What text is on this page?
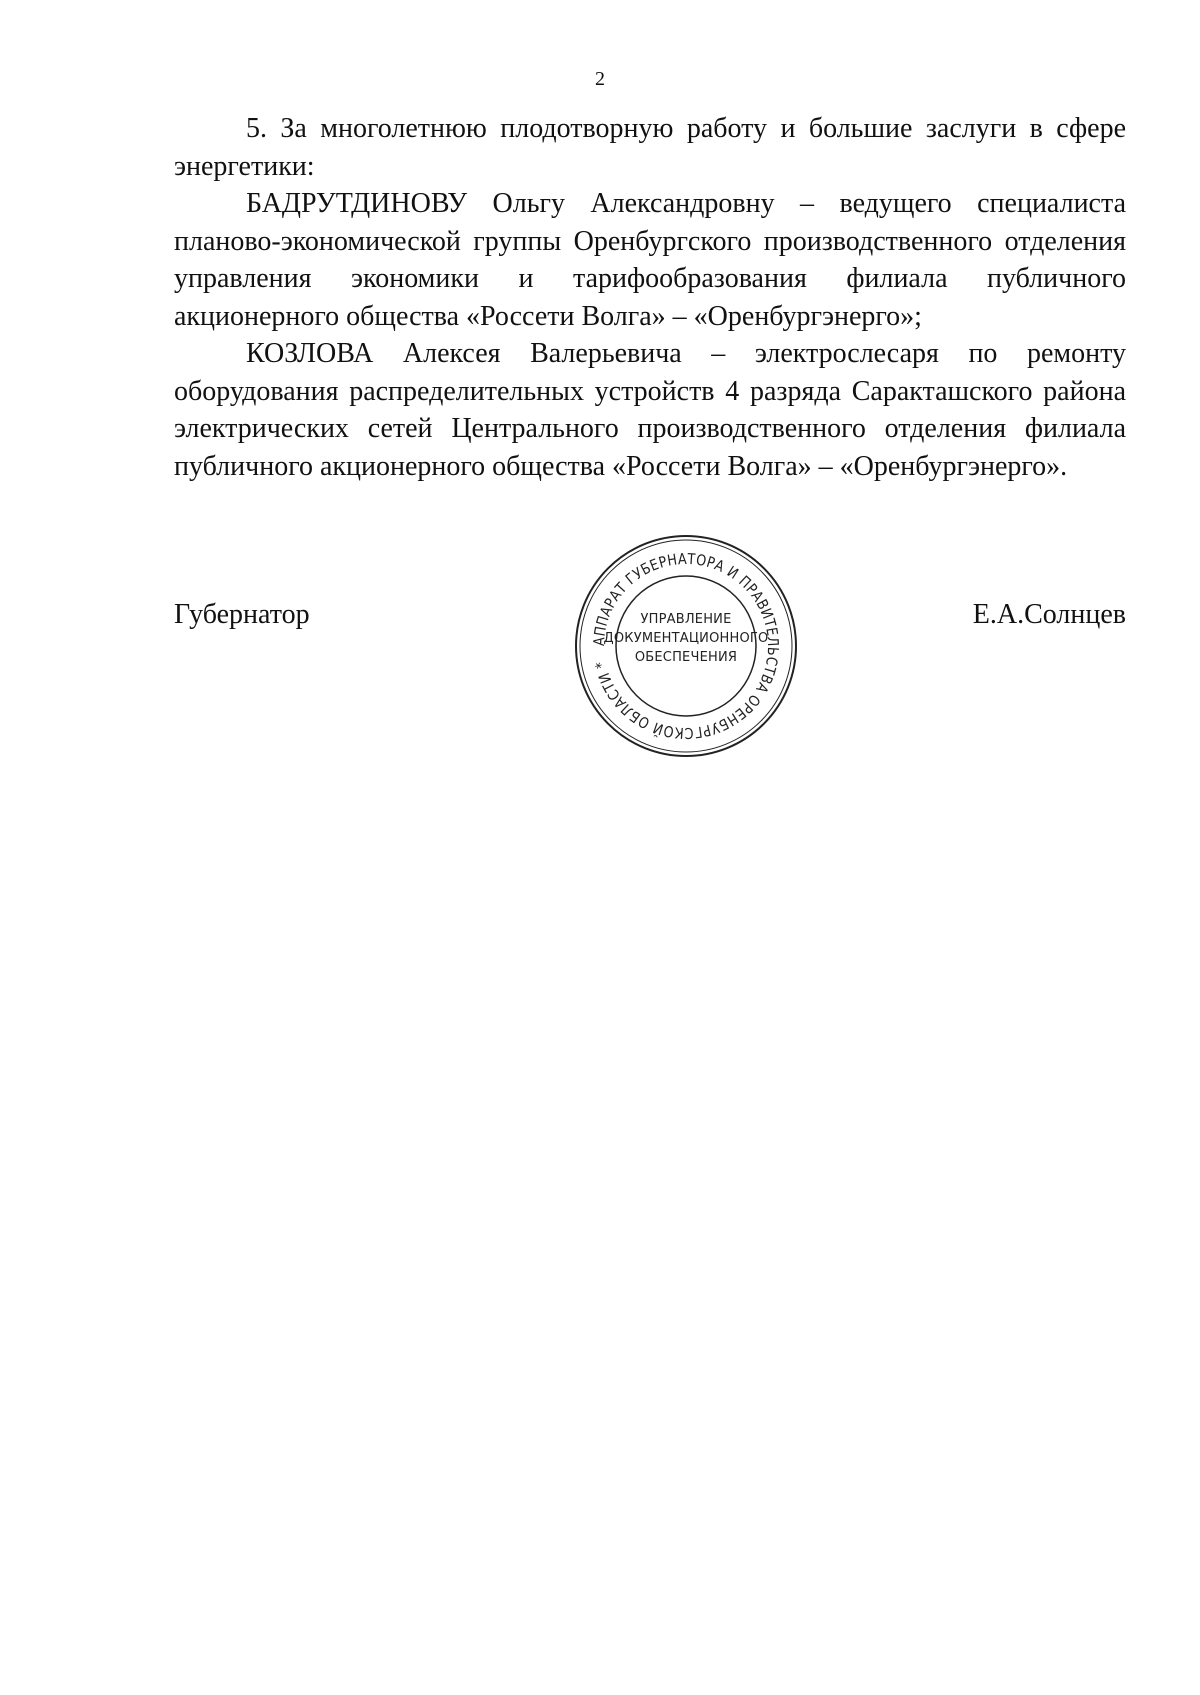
2

5. За многолетнюю плодотворную работу и большие заслуги в сфере энергетики:

БАДРУТДИНОВУ Ольгу Александровну – ведущего специалиста планово-экономической группы Оренбургского производственного отделения управления экономики и тарифообразования филиала публичного акционерного общества «Россети Волга» – «Оренбургэнерго»;

КОЗЛОВА Алексея Валерьевича – электрослесаря по ремонту оборудования распределительных устройств 4 разряда Саракташского района электрических сетей Центрального производственного отделения филиала публичного акционерного общества «Россети Волга» – «Оренбургэнерго».

Губернатор	Е.А.Солнцев
АППАРАТ ГУБЕРНАТОРА И ПРАВИТЕЛЬСТВА ОРЕНБУРГСКОЙ ОБЛАСТИ *
УПРАВЛЕНИЕ
ДОКУМЕНТАЦИОННОГО
ОБЕСПЕЧЕНИЯ
